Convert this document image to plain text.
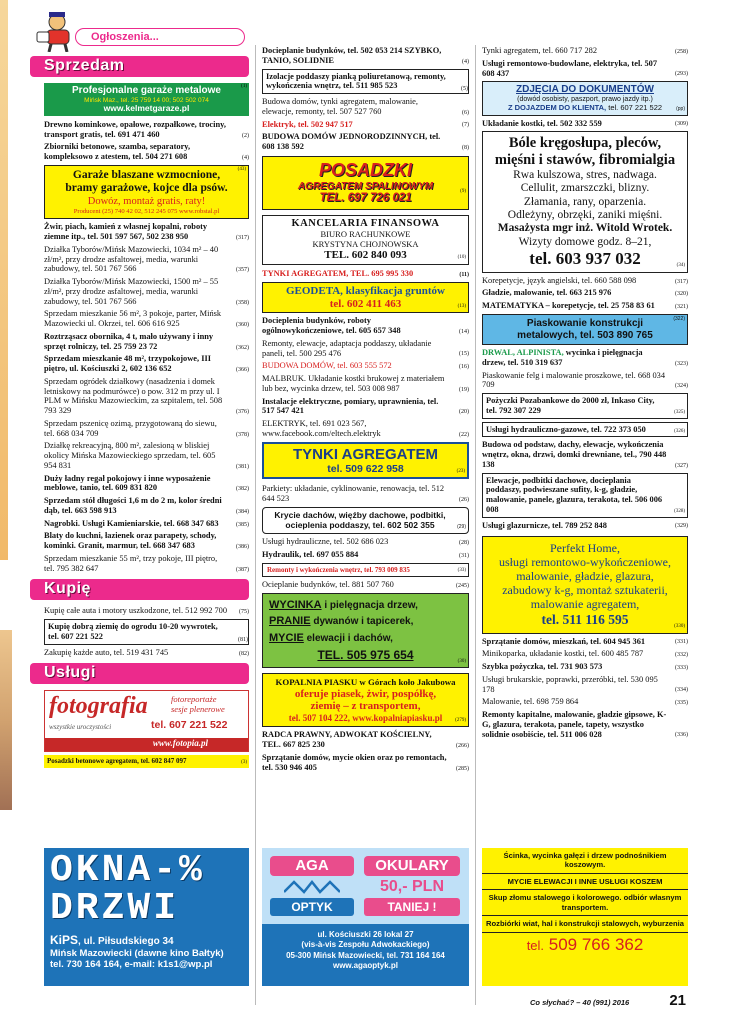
Ogłoszenia...
Sprzedam
Profesjonalne garaże metalowe
Mińsk Maz., tel. 25 759 14 00; 502 502 074
www.kelmetgaraze.pl
(1)
Drewno kominkowe, opałowe, rozpałkowe, trociny, transport gratis, tel. 691 471 460	(2)
Zbiorniki betonowe, szamba, separatory, kompleksowo z atestem, tel. 504 271 608	(4)
Garaże blaszane wzmocnione,
bramy garażowe, kojce dla psów.
Dowóz, montaż gratis, raty!
Producent (25) 740 42 02, 512 245 075 www.robstal.pl
(43)
Żwir, piach, kamień z własnej kopalni, roboty ziemne itp., tel. 501 597 567, 502 238 950	(317)
Działka Tyborów/Mińsk Mazowiecki, 1034 m² – 40 zł/m², przy drodze asfaltowej, media, warunki zabudowy, tel. 501 767 566	(357)
Działka Tyborów/Mińsk Mazowiecki, 1500 m² – 55 zł/m², przy drodze asfaltowej, media, warunki zabudowy, tel. 501 767 566	(358)
Sprzedam mieszkanie 56 m², 3 pokoje, parter, Mińsk Mazowiecki ul. Okrzei, tel. 606 616 925	(360)
Roztrząsacz obornika, 4 t, mało używany i inny sprzęt rolniczy, tel. 25 759 23 72	(362)
Sprzedam mieszkanie 48 m², trzypokojowe, III piętro, ul. Kościuszki 2, 602 136 652	(366)
Sprzedam ogródek działkowy (nasadzenia i domek letniskowy na podmurówce) o pow. 312 m przy ul. I PLM w Mińsku Mazowieckim, za szpitalem, tel. 508 793 329	(376)
Sprzedam pszenicę ozimą, przygotowaną do siewu, tel. 668 034 709	(378)
Działkę rekreacyjną, 800 m², zalesioną w bliskiej okolicy Mińska Mazowieckiego sprzedam, tel. 605 954 831	(381)
Duży ładny regał pokojowy i inne wyposażenie meblowe, tanio, tel. 609 831 820	(382)
Sprzedam stół długości 1,6 m do 2 m, kolor średni dąb, tel. 663 598 913	(384)
Nagrobki. Usługi Kamieniarskie, tel. 668 347 683	(385)
Blaty do kuchni, łazienek oraz parapety, schody, kominki. Granit, marmur, tel. 668 347 683	(386)
Sprzedam mieszkanie 55 m², trzy pokoje, III piętro, tel. 795 382 647	(387)
Kupię
Kupię całe auta i motory uszkodzone, tel. 512 992 700 (75)
Kupię dobrą ziemię do ogrodu 10-20 wywrotek, tel. 607 221 522	(81)
Zakupię każde auto, tel. 519 431 745	(82)
Usługi
fotografia
wszystkie uroczystości
fotoreportaże
sesje plenerowe
tel. 607 221 522
www.fotopia.pl
Posadzki betonowe agregatem, tel. 602 847 097	(3)
OKNA-%
DRZWI
KiPS, ul. Piłsudskiego 34
Mińsk Mazowiecki (dawne kino Bałtyk)
tel. 730 164 164, e-mail: k1s1@wp.pl
Docieplanie budynków, tel. 502 053 214 SZYBKO, TANIO, SOLIDNIE	(4)
Izolacje poddaszy pianką poliuretanową, remonty, wykończenia wnętrz, tel. 511 985 523	(5)
Budowa domów, tynki agregatem, malowanie, elewacje, remonty, tel. 507 527 760	(6)
Elektryk, tel. 502 947 517	(7)
BUDOWA DOMÓW JEDNORODZINNYCH, tel. 608 138 592	(8)
POSADZKI
AGREGATEM SPALINOWYM
TEL. 697 726 021
(9)
KANCELARIA FINANSOWA
BIURO RACHUNKOWE
KRYSTYNA CHOJNOWSKA
TEL. 602 840 093	(10)
TYNKI AGREGATEM, TEL. 695 995 330	(11)
GEODETA, klasyfikacja gruntów
tel. 602 411 463	(13)
Docieplenia budynków, roboty ogólnowykończeniowe, tel. 605 657 348	(14)
Remonty, elewacje, adaptacja poddaszy, układanie paneli, tel. 500 295 476	(15)
BUDOWA DOMÓW, tel. 603 555 572	(16)
MALBRUK. Układanie kostki brukowej z materiałem lub bez, wycinka drzew, tel. 503 008 987	(19)
Instalacje elektryczne, pomiary, uprawnienia, tel. 517 547 421	(20)
ELEKTRYK, tel. 691 023 567, www.facebook.com/eltech.elektryk	(22)
TYNKI AGREGATEM
tel. 509 622 958	(23)
Parkiety: układanie, cyklinowanie, renowacja, tel. 512 644 523	(26)
Krycie dachów, więźby dachowe, podbitki, ocieplenia poddaszy, tel. 602 502 355	(29)
Usługi hydrauliczne, tel. 502 686 023	(28)
Hydraulik, tel. 697 055 884	(31)
Remonty i wykończenia wnętrz, tel. 793 009 835	(33)
Ocieplanie budynków, tel. 881 507 760	(245)
WYCINKA i pielęgnacja drzew,
PRANIE dywanów i tapicerek,
MYCIE elewacji i dachów,
TEL. 505 975 654	(30)
KOPALNIA PIASKU w Górach koło Jakubowa
oferuje piasek, żwir, pospółkę,
ziemię – z transportem,
tel. 507 104 222, www.kopalniapiasku.pl	(279)
RADCA PRAWNY, ADWOKAT KOŚCIELNY, TEL. 667 825 230	(266)
Sprzątanie domów, mycie okien oraz po remontach, tel. 530 946 405	(285)
AGA
OPTYK
OKULARY
50,- PLN
TANIEJ !
ul. Kościuszki 26 lokal 27
(vis-à-vis Zespołu Adwokackiego)
05-300 Mińsk Mazowiecki, tel. 731 164 164
www.agaoptyk.pl
Tynki agregatem, tel. 660 717 282	(258)
Usługi remontowo-budowlane, elektryka, tel. 507 608 437	(293)
ZDJĘCIA DO DOKUMENTÓW
(dowód osobisty, paszport, prawo jazdy itp.)
Z DOJAZDEM DO KLIENTA, tel. 607 221 522	(pp)
Układanie kostki, tel. 502 332 559	(309)
Bóle kręgosłupa, pleców,
mięśni i stawów, fibromialgia
Rwa kulszowa, stres, nadwaga.
Cellulit, zmarszczki, blizny.
Złamania, rany, oparzenia.
Odleżyny, obrzęki, zaniki mięśni.
Masażysta mgr inż. Witold Wrotek.
Wizyty domowe godz. 8–21,
tel. 603 937 032	(34)
Korepetycje, język angielski, tel. 660 588 098	(317)
Gładzie, malowanie, tel. 663 215 976	(320)
MATEMATYKA – korepetycje, tel. 25 758 83 61	(321)
Piaskowanie konstrukcji
metalowych, tel. 503 890 765
(322)
DRWAL, ALPINISTA, wycinka i pielęgnacja drzew, tel. 510 319 637	(323)
Piaskowanie felg i malowanie proszkowe, tel. 668 034 709	(324)
Pożyczki Pozabankowe do 2000 zł, Inkaso City, tel. 792 307 229	(325)
Usługi hydrauliczno-gazowe, tel. 722 373 050	(326)
Budowa od podstaw, dachy, elewacje, wykończenia wnętrz, okna, drzwi, domki drewniane, tel., 790 448 138	(327)
Elewacje, podbitki dachowe, docieplania poddaszy, podwieszane sufity, k-g, gładzie, malowanie, panele, glazura, terakota, tel. 506 006 008	(328)
Usługi glazurnicze, tel. 789 252 848	(329)
Perfekt Home,
usługi remontowo-wykończeniowe,
malowanie, gładzie, glazura,
zabudowy k-g, montaż sztukaterii,
malowanie agregatem,
tel. 511 116 595	(330)
Sprzątanie domów, mieszkań, tel. 604 945 361	(331)
Minikoparka, układanie kostki, tel. 600 485 787	(332)
Szybka pożyczka, tel. 731 903 573	(333)
Usługi brukarskie, poprawki, przeróbki, tel. 530 095 178	(334)
Malowanie, tel. 698 759 864	(335)
Remonty kapitalne, malowanie, gładzie gipsowe, K-G, glazura, terakota, panele, tapety, wszystko solidnie osobiście, tel. 511 006 028	(336)
Ścinka, wycinka gałęzi i drzew podnośnikiem koszowym.
MYCIE ELEWACJI I INNE USŁUGI KOSZEM
Skup złomu stalowego i kolorowego. odbiór własnym transportem.
Rozbiórki wiat, hal i konstrukcji stalowych, wyburzenia
tel. 509 766 362
Co słychać? – 40 (991) 2016	21
